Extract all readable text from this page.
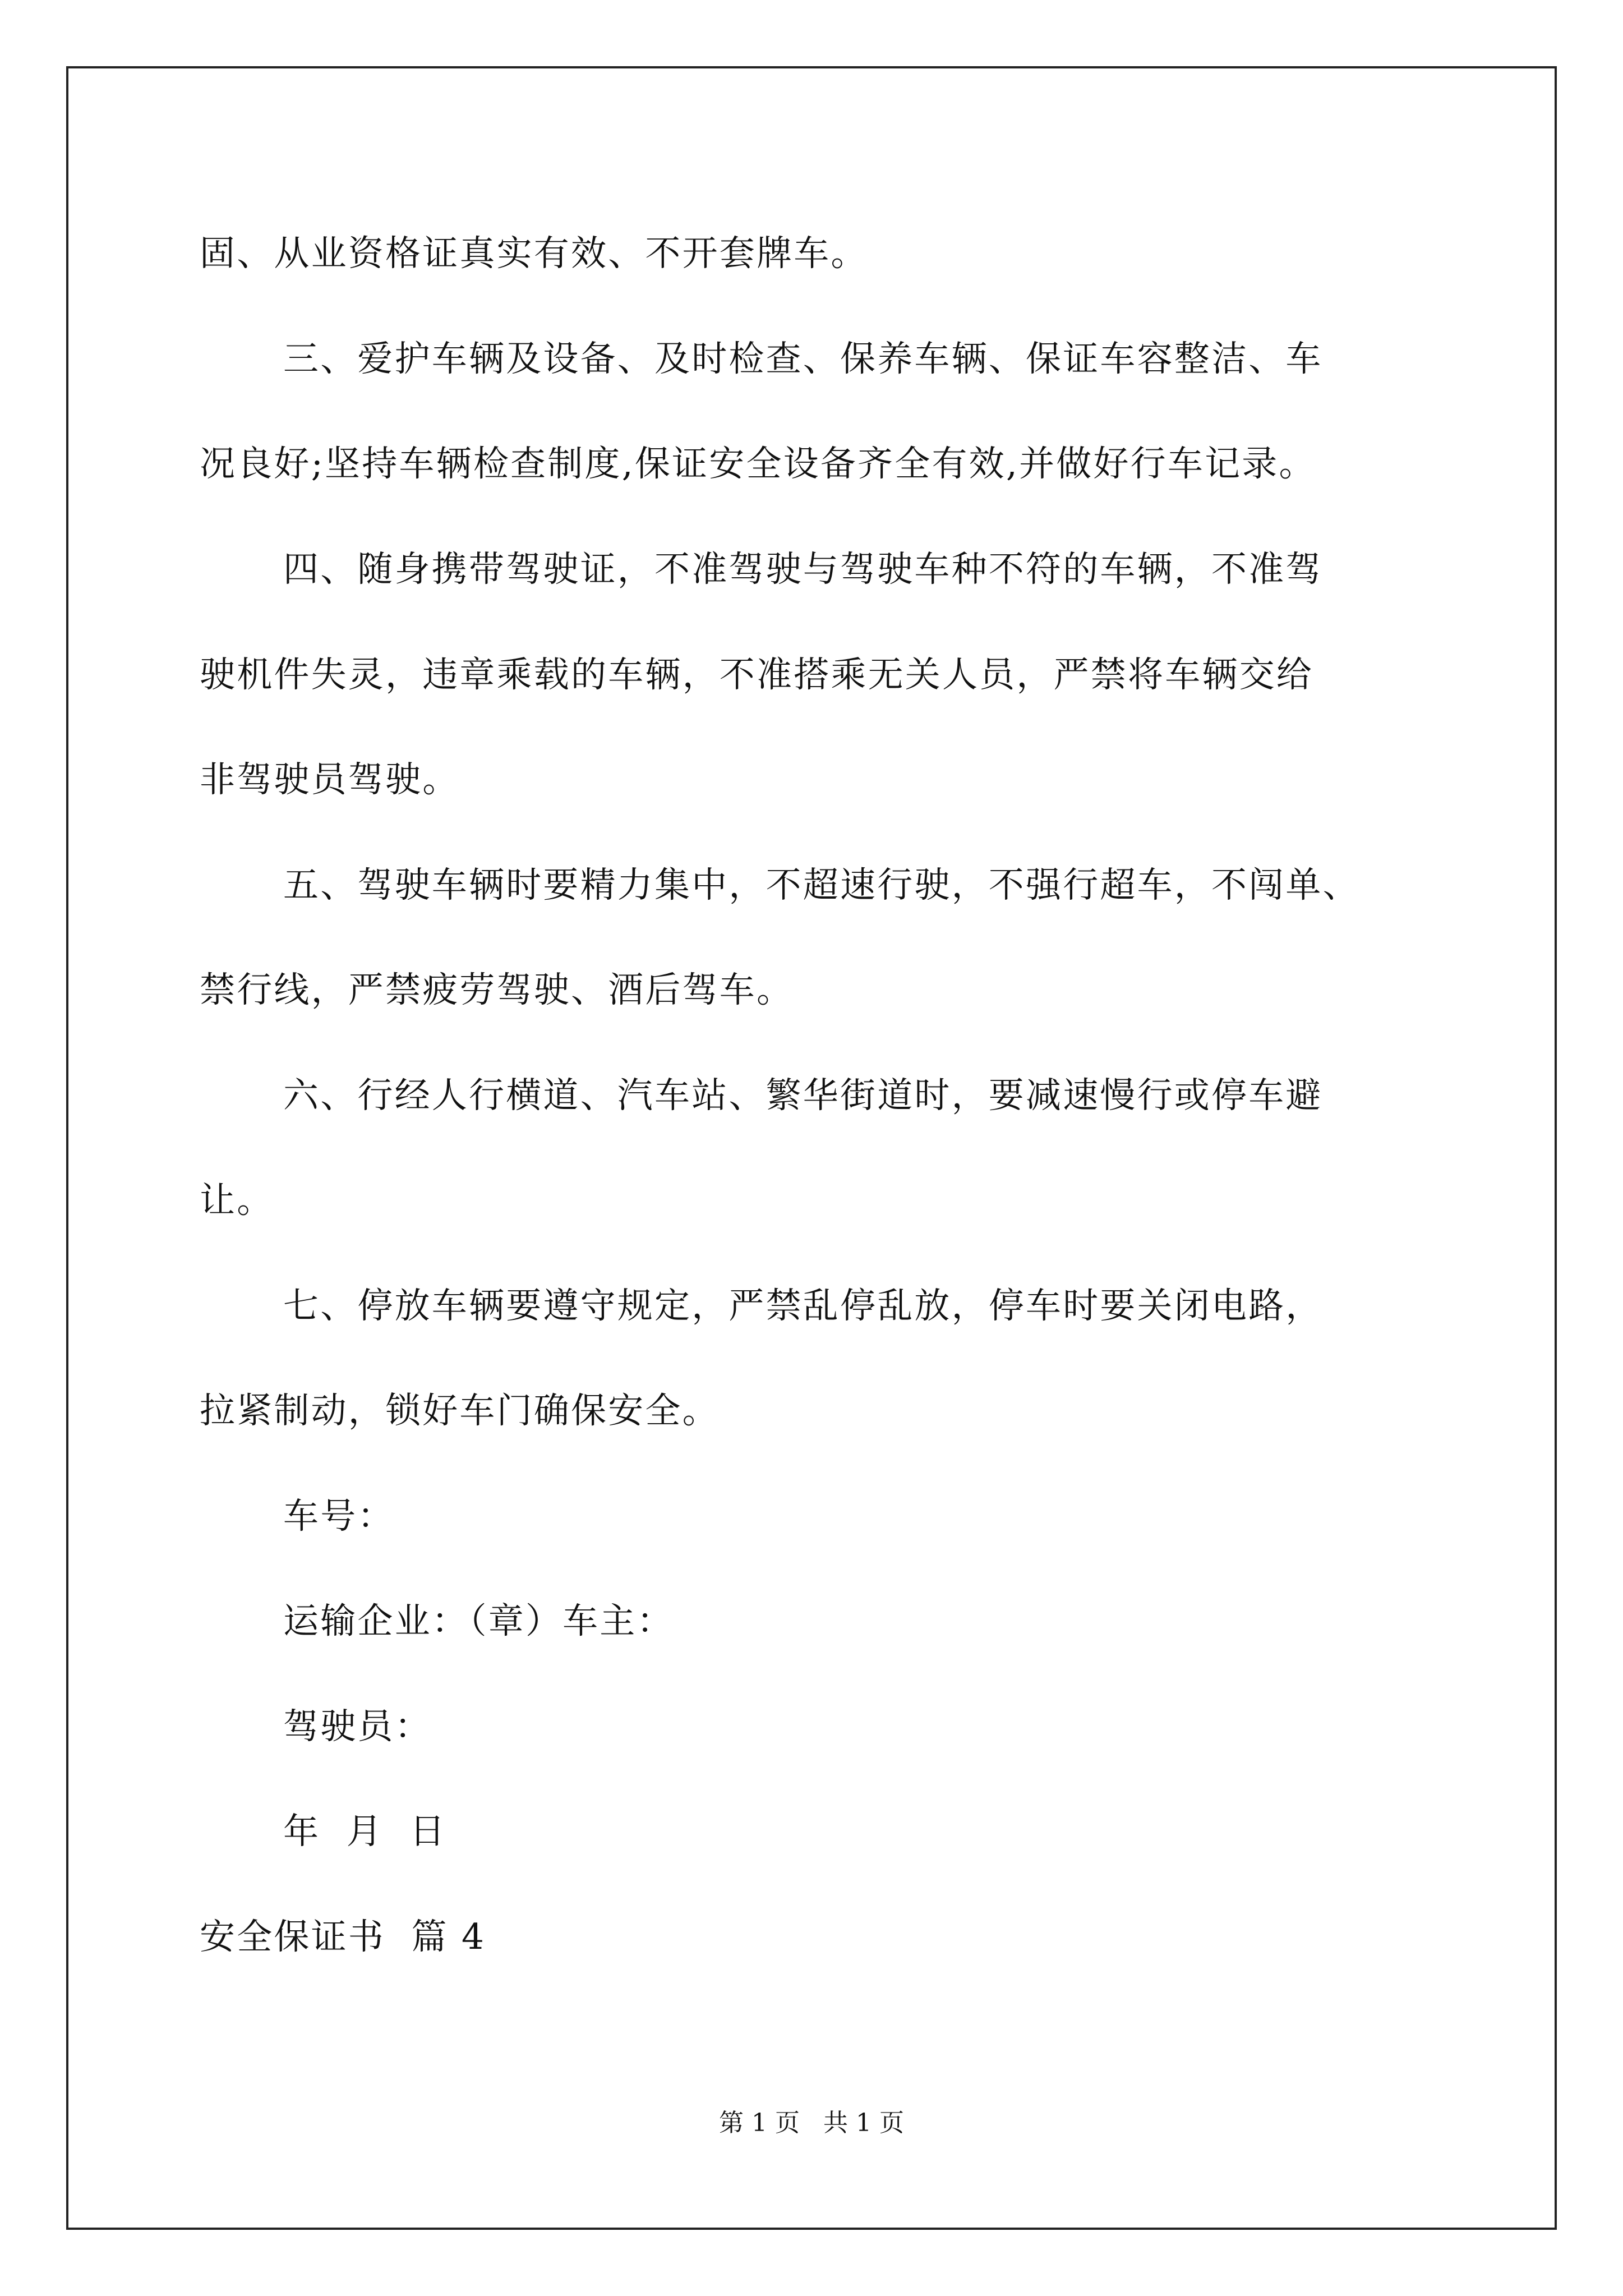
固、从业资格证真实有效、不开套牌车。
三、爱护车辆及设备、及时检查、保养车辆、保证车容整洁、车
况良好;坚持车辆检查制度,保证安全设备齐全有效,并做好行车记录。
四、随身携带驾驶证，不准驾驶与驾驶车种不符的车辆，不准驾
驶机件失灵，违章乘载的车辆，不准搭乘无关人员，严禁将车辆交给
非驾驶员驾驶。
五、驾驶车辆时要精力集中，不超速行驶，不强行超车，不闯单、
禁行线，严禁疲劳驾驶、酒后驾车。
六、行经人行横道、汽车站、繁华街道时，要减速慢行或停车避
让。
七、停放车辆要遵守规定，严禁乱停乱放，停车时要关闭电路，
拉紧制动，锁好车门确保安全。
车号：
运输企业：（章）车主：
驾驶员：
年  月  日
安全保证书  篇 4
第 1 页   共 1 页
